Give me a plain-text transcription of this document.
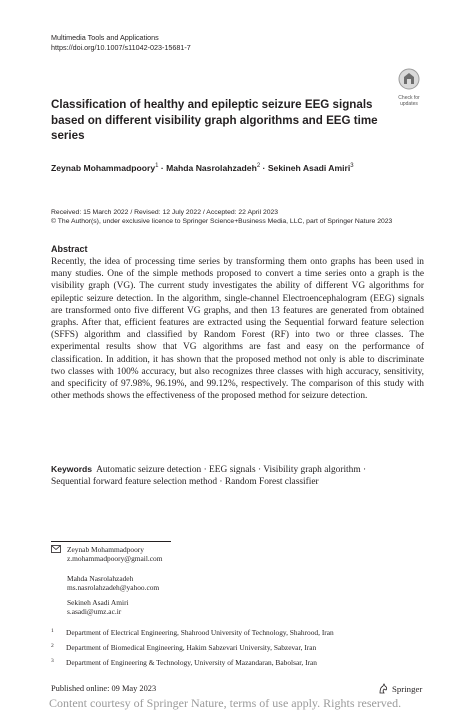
Multimedia Tools and Applications
https://doi.org/10.1007/s11042-023-15681-7
Check for
updates
Classification of healthy and epileptic seizure EEG signals based on different visibility graph algorithms and EEG time series
Zeynab Mohammadpoory$^1$ · Mahda Nasrolahzadeh$^2$ · Sekineh Asadi Amiri$^3$
Received: 15 March 2022 / Revised: 12 July 2022 / Accepted: 22 April 2023
© The Author(s), under exclusive licence to Springer Science+Business Media, LLC, part of Springer Nature 2023
Abstract
Recently, the idea of processing time series by transforming them onto graphs has been used in many studies. One of the simple methods proposed to convert a time series onto a graph is the visibility graph (VG). The current study investigates the ability of different VG algorithms for epileptic seizure detection. In the algorithm, single-channel Electroencephalogram (EEG) signals are transformed onto five different VG graphs, and then 13 features are generated from obtained graphs. After that, efficient features are extracted using the Sequential forward feature selection (SFFS) algorithm and classified by Random Forest (RF) into two or three classes. The experimental results show that VG algorithms are fast and easy on the performance of classification. In addition, it has shown that the proposed method not only is able to discriminate two classes with 100% accuracy, but also recognizes three classes with high accuracy, sensitivity, and specificity of 97.98%, 96.19%, and 99.12%, respectively. The comparison of this study with other methods shows the effectiveness of the proposed method for seizure detection.
Keywords Automatic seizure detection · EEG signals · Visibility graph algorithm ·
Sequential forward feature selection method · Random Forest classifier
Zeynab Mohammadpoory
z.mohammadpoory@gmail.com
Mahda Nasrolahzadeh
ms.nasrolahzadeh@yahoo.com
Sekineh Asadi Amiri
s.asadi@umz.ac.ir
$^1$ Department of Electrical Engineering, Shahrood University of Technology, Shahrood, Iran
$^2$ Department of Biomedical Engineering, Hakim Sabzevari University, Sabzevar, Iran
$^3$ Department of Engineering & Technology, University of Mazandaran, Babolsar, Iran
Published online: 09 May 2023	Springer
Content courtesy of Springer Nature, terms of use apply. Rights reserved.
